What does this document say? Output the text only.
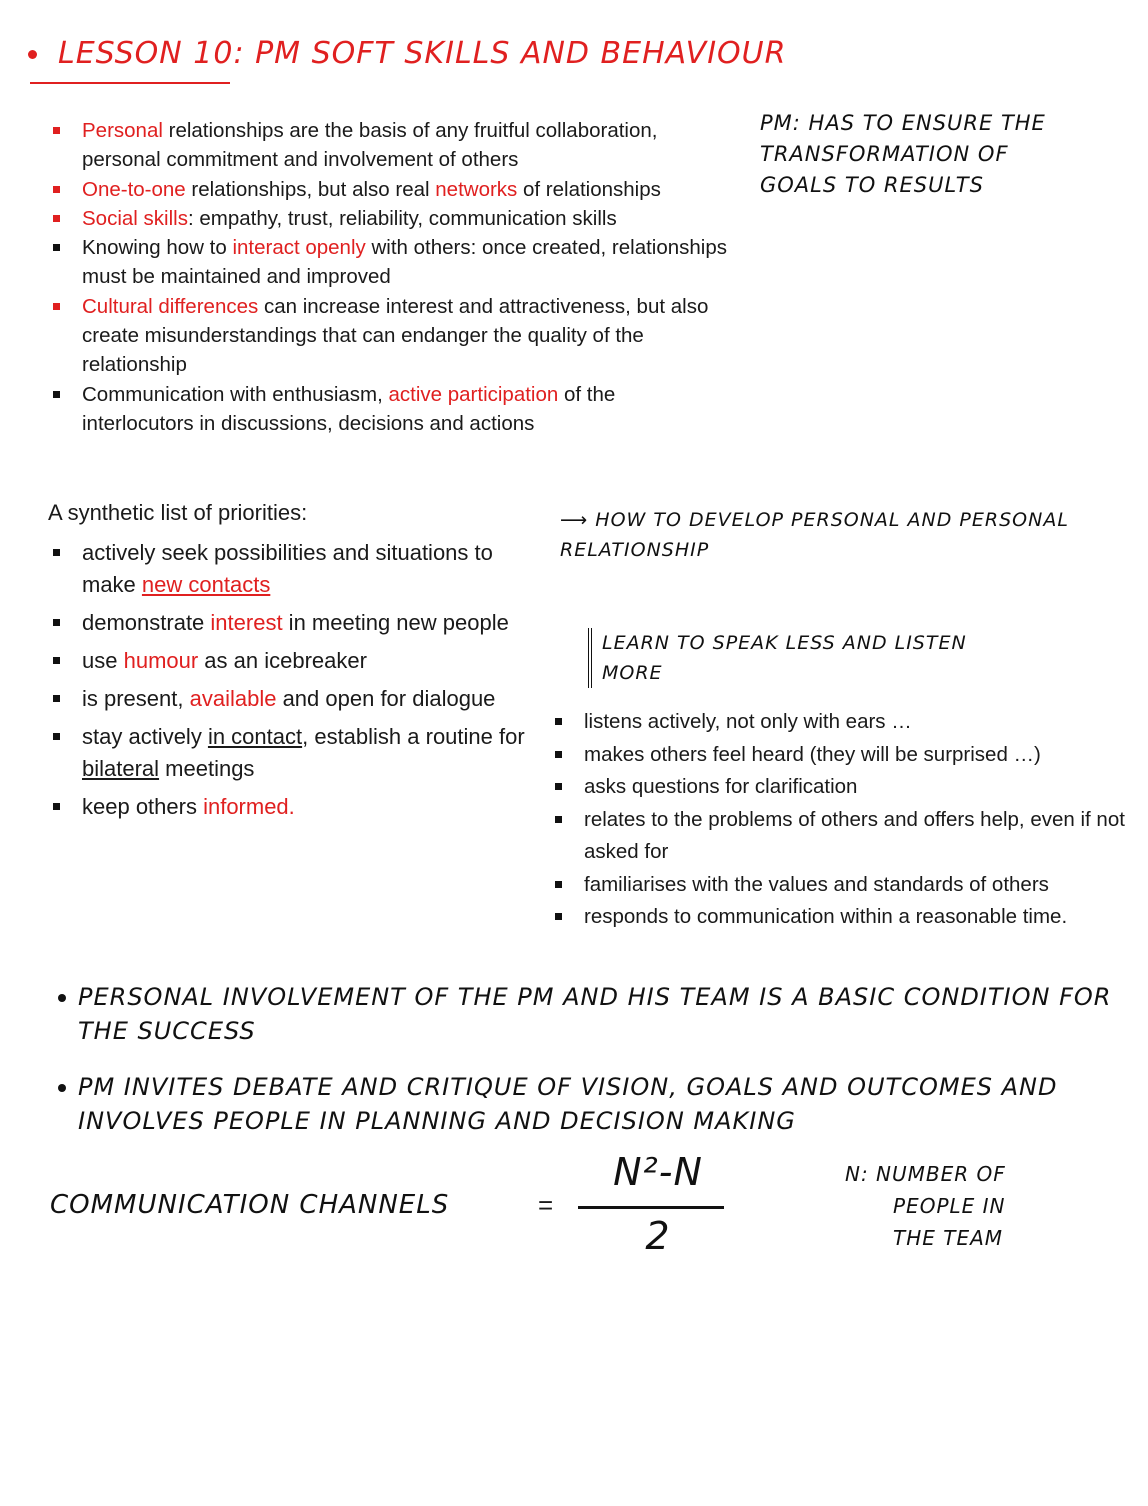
LESSON 10: PM SOFT SKILLS AND BEHAVIOUR
Personal relationships are the basis of any fruitful collaboration, personal commitment and involvement of others
One-to-one relationships, but also real networks of relationships
Social skills: empathy, trust, reliability, communication skills
Knowing how to interact openly with others: once created, relationships must be maintained and improved
Cultural differences can increase interest and attractiveness, but also create misunderstandings that can endanger the quality of the relationship
Communication with enthusiasm, active participation of the interlocutors in discussions, decisions and actions
PM: HAS TO ENSURE THE TRANSFORMATION OF GOALS TO RESULTS
A synthetic list of priorities:
actively seek possibilities and situations to make new contacts
demonstrate interest in meeting new people
use humour as an icebreaker
is present, available and open for dialogue
stay actively in contact, establish a routine for bilateral meetings
keep others informed.
⟶ HOW TO DEVELOP PERSONAL AND PERSONAL RELATIONSHIP
LEARN TO SPEAK LESS AND LISTEN MORE
listens actively, not only with ears …
makes others feel heard (they will be surprised …)
asks questions for clarification
relates to the problems of others and offers help, even if not asked for
familiarises with the values and standards of others
responds to communication within a reasonable time.
PERSONAL INVOLVEMENT OF THE PM AND HIS TEAM IS A BASIC CONDITION FOR THE SUCCESS
PM INVITES DEBATE AND CRITIQUE OF VISION, GOALS AND OUTCOMES AND INVOLVES PEOPLE IN PLANNING AND DECISION MAKING
COMMUNICATION CHANNELS	=
N²-N
2
N: NUMBER OF
PEOPLE IN
THE TEAM
